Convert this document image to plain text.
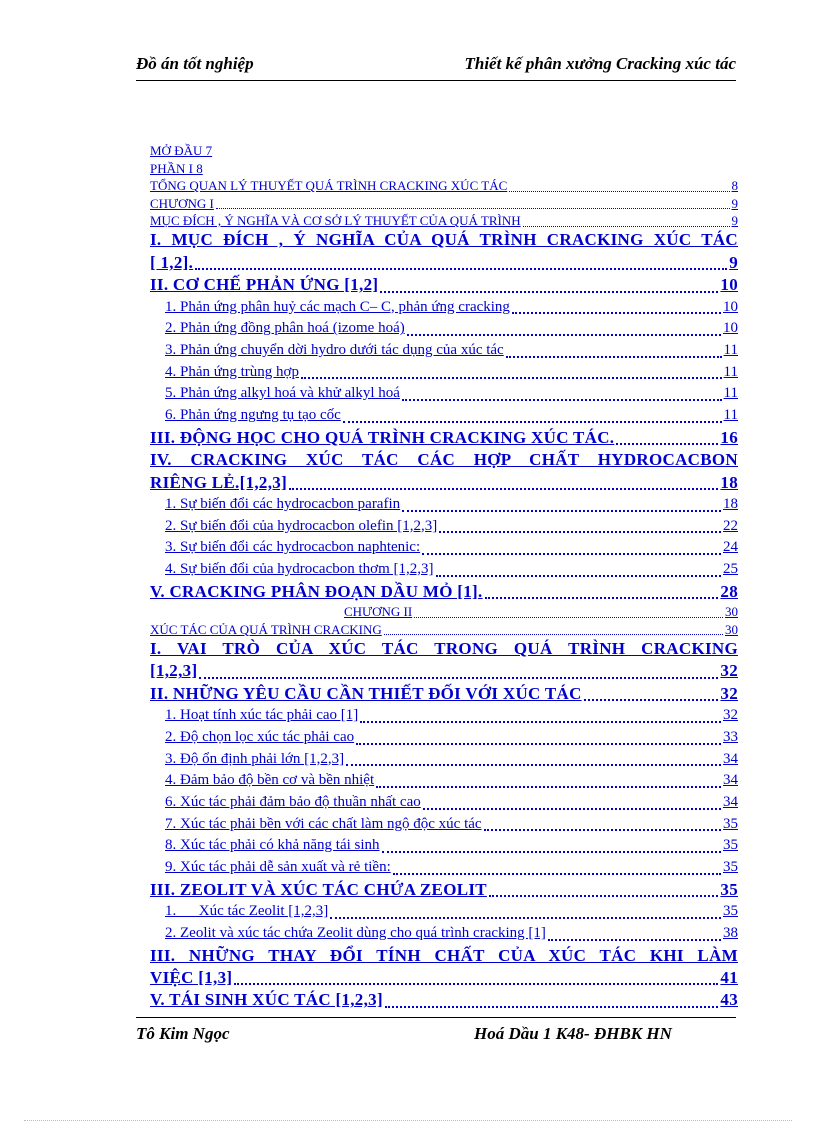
Đồ án tốt nghiệp	Thiết kế phân xưởng Cracking xúc tác
MỞ ĐẦU 7
PHẦN I 8
TỔNG QUAN LÝ THUYẾT QUÁ TRÌNH CRACKING XÚC TÁC	8
CHƯƠNG I	9
MỤC ĐÍCH , Ý NGHĨA VÀ CƠ SỞ LÝ THUYẾT CỦA QUÁ TRÌNH	9
I. MỤC ĐÍCH , Ý NGHĨA CỦA QUÁ TRÌNH CRACKING XÚC TÁC
[ 1,2].	9
II. CƠ CHẾ PHẢN ỨNG [1,2]	10
1. Phản ứng phân huỷ các mạch C– C, phản ứng cracking	10
2. Phản ứng đồng phân hoá (izome hoá)	10
3. Phản ứng chuyển dời hydro dưới tác dụng của xúc tác	11
4. Phản ứng trùng hợp	11
5. Phản ứng alkyl hoá và khử alkyl hoá	11
6. Phản ứng ngưng tụ tạo cốc	11
III. ĐỘNG HỌC CHO QUÁ TRÌNH CRACKING XÚC TÁC.	16
IV. CRACKING XÚC TÁC CÁC HỢP CHẤT HYDROCACBON
RIÊNG LẺ.[1,2,3]	18
1. Sự biến đổi các hydrocacbon parafin	18
2. Sự biến đổi của hydrocacbon olefin [1,2,3]	22
3. Sự biến đổi các hydrocacbon naphtenic:	24
4. Sự biến đổi của hydrocacbon thơm [1,2,3]	25
V. CRACKING PHÂN ĐOẠN DẦU MỎ [1].	28
CHƯƠNG II	30
XÚC TÁC CỦA QUÁ TRÌNH CRACKING	30
I. VAI TRÒ CỦA XÚC TÁC TRONG QUÁ TRÌNH CRACKING
[1,2,3]	32
II. NHỮNG YÊU CẦU CẦN THIẾT ĐỐI VỚI XÚC TÁC	32
1. Hoạt tính xúc tác phải cao [1]	32
2. Độ chọn lọc xúc tác phải cao	33
3. Độ ổn định phải lớn [1,2,3]	34
4. Đảm bảo độ bền cơ và bền nhiệt	34
6. Xúc tác phải đảm bảo độ thuần nhất cao	34
7. Xúc tác phải bền với các chất làm ngộ độc xúc tác	35
8. Xúc tác phải có khả năng tái sinh	35
9. Xúc tác phải dễ sản xuất và rẻ tiền:	35
III. ZEOLIT VÀ XÚC TÁC CHỨA ZEOLIT	35
1.      Xúc tác Zeolit [1,2,3]	35
2. Zeolit và xúc tác chứa Zeolit dùng cho quá trình cracking [1]	38
III. NHỮNG THAY ĐỔI TÍNH CHẤT CỦA XÚC TÁC KHI LÀM
VIỆC [1,3]	41
V. TÁI SINH XÚC TÁC [1,2,3]	43
Tô Kim Ngọc	Hoá Dầu 1 K48- ĐHBK HN
